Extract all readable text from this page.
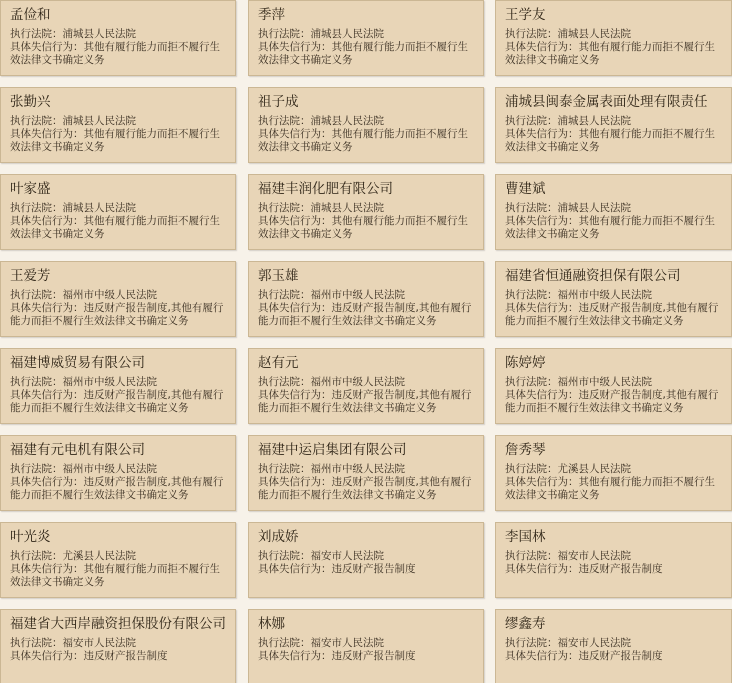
孟俭和
执行法院：浦城县人民法院
具体失信行为：其他有履行能力而拒不履行生效法律文书确定义务
季萍
执行法院：浦城县人民法院
具体失信行为：其他有履行能力而拒不履行生效法律文书确定义务
王学友
执行法院：浦城县人民法院
具体失信行为：其他有履行能力而拒不履行生效法律文书确定义务
张勤兴
执行法院：浦城县人民法院
具体失信行为：其他有履行能力而拒不履行生效法律文书确定义务
祖子成
执行法院：浦城县人民法院
具体失信行为：其他有履行能力而拒不履行生效法律文书确定义务
浦城县闽泰金属表面处理有限责任
执行法院：浦城县人民法院
具体失信行为：其他有履行能力而拒不履行生效法律文书确定义务
叶家盛
执行法院：浦城县人民法院
具体失信行为：其他有履行能力而拒不履行生效法律文书确定义务
福建丰润化肥有限公司
执行法院：浦城县人民法院
具体失信行为：其他有履行能力而拒不履行生效法律文书确定义务
曹建斌
执行法院：浦城县人民法院
具体失信行为：其他有履行能力而拒不履行生效法律文书确定义务
王爱芳
执行法院：福州市中级人民法院
具体失信行为：违反财产报告制度,其他有履行能力而拒不履行生效法律文书确定义务
郭玉雄
执行法院：福州市中级人民法院
具体失信行为：违反财产报告制度,其他有履行能力而拒不履行生效法律文书确定义务
福建省恒通融资担保有限公司
执行法院：福州市中级人民法院
具体失信行为：违反财产报告制度,其他有履行能力而拒不履行生效法律文书确定义务
福建博威贸易有限公司
执行法院：福州市中级人民法院
具体失信行为：违反财产报告制度,其他有履行能力而拒不履行生效法律文书确定义务
赵有元
执行法院：福州市中级人民法院
具体失信行为：违反财产报告制度,其他有履行能力而拒不履行生效法律文书确定义务
陈婷婷
执行法院：福州市中级人民法院
具体失信行为：违反财产报告制度,其他有履行能力而拒不履行生效法律文书确定义务
福建有元电机有限公司
执行法院：福州市中级人民法院
具体失信行为：违反财产报告制度,其他有履行能力而拒不履行生效法律文书确定义务
福建中运启集团有限公司
执行法院：福州市中级人民法院
具体失信行为：违反财产报告制度,其他有履行能力而拒不履行生效法律文书确定义务
詹秀琴
执行法院：尤溪县人民法院
具体失信行为：其他有履行能力而拒不履行生效法律文书确定义务
叶光炎
执行法院：尤溪县人民法院
具体失信行为：其他有履行能力而拒不履行生效法律文书确定义务
刘成娇
执行法院：福安市人民法院
具体失信行为：违反财产报告制度
李国林
执行法院：福安市人民法院
具体失信行为：违反财产报告制度
福建省大西岸融资担保股份有限公司
执行法院：福安市人民法院
具体失信行为：违反财产报告制度
林娜
执行法院：福安市人民法院
具体失信行为：违反财产报告制度
缪鑫寿
执行法院：福安市人民法院
具体失信行为：违反财产报告制度
